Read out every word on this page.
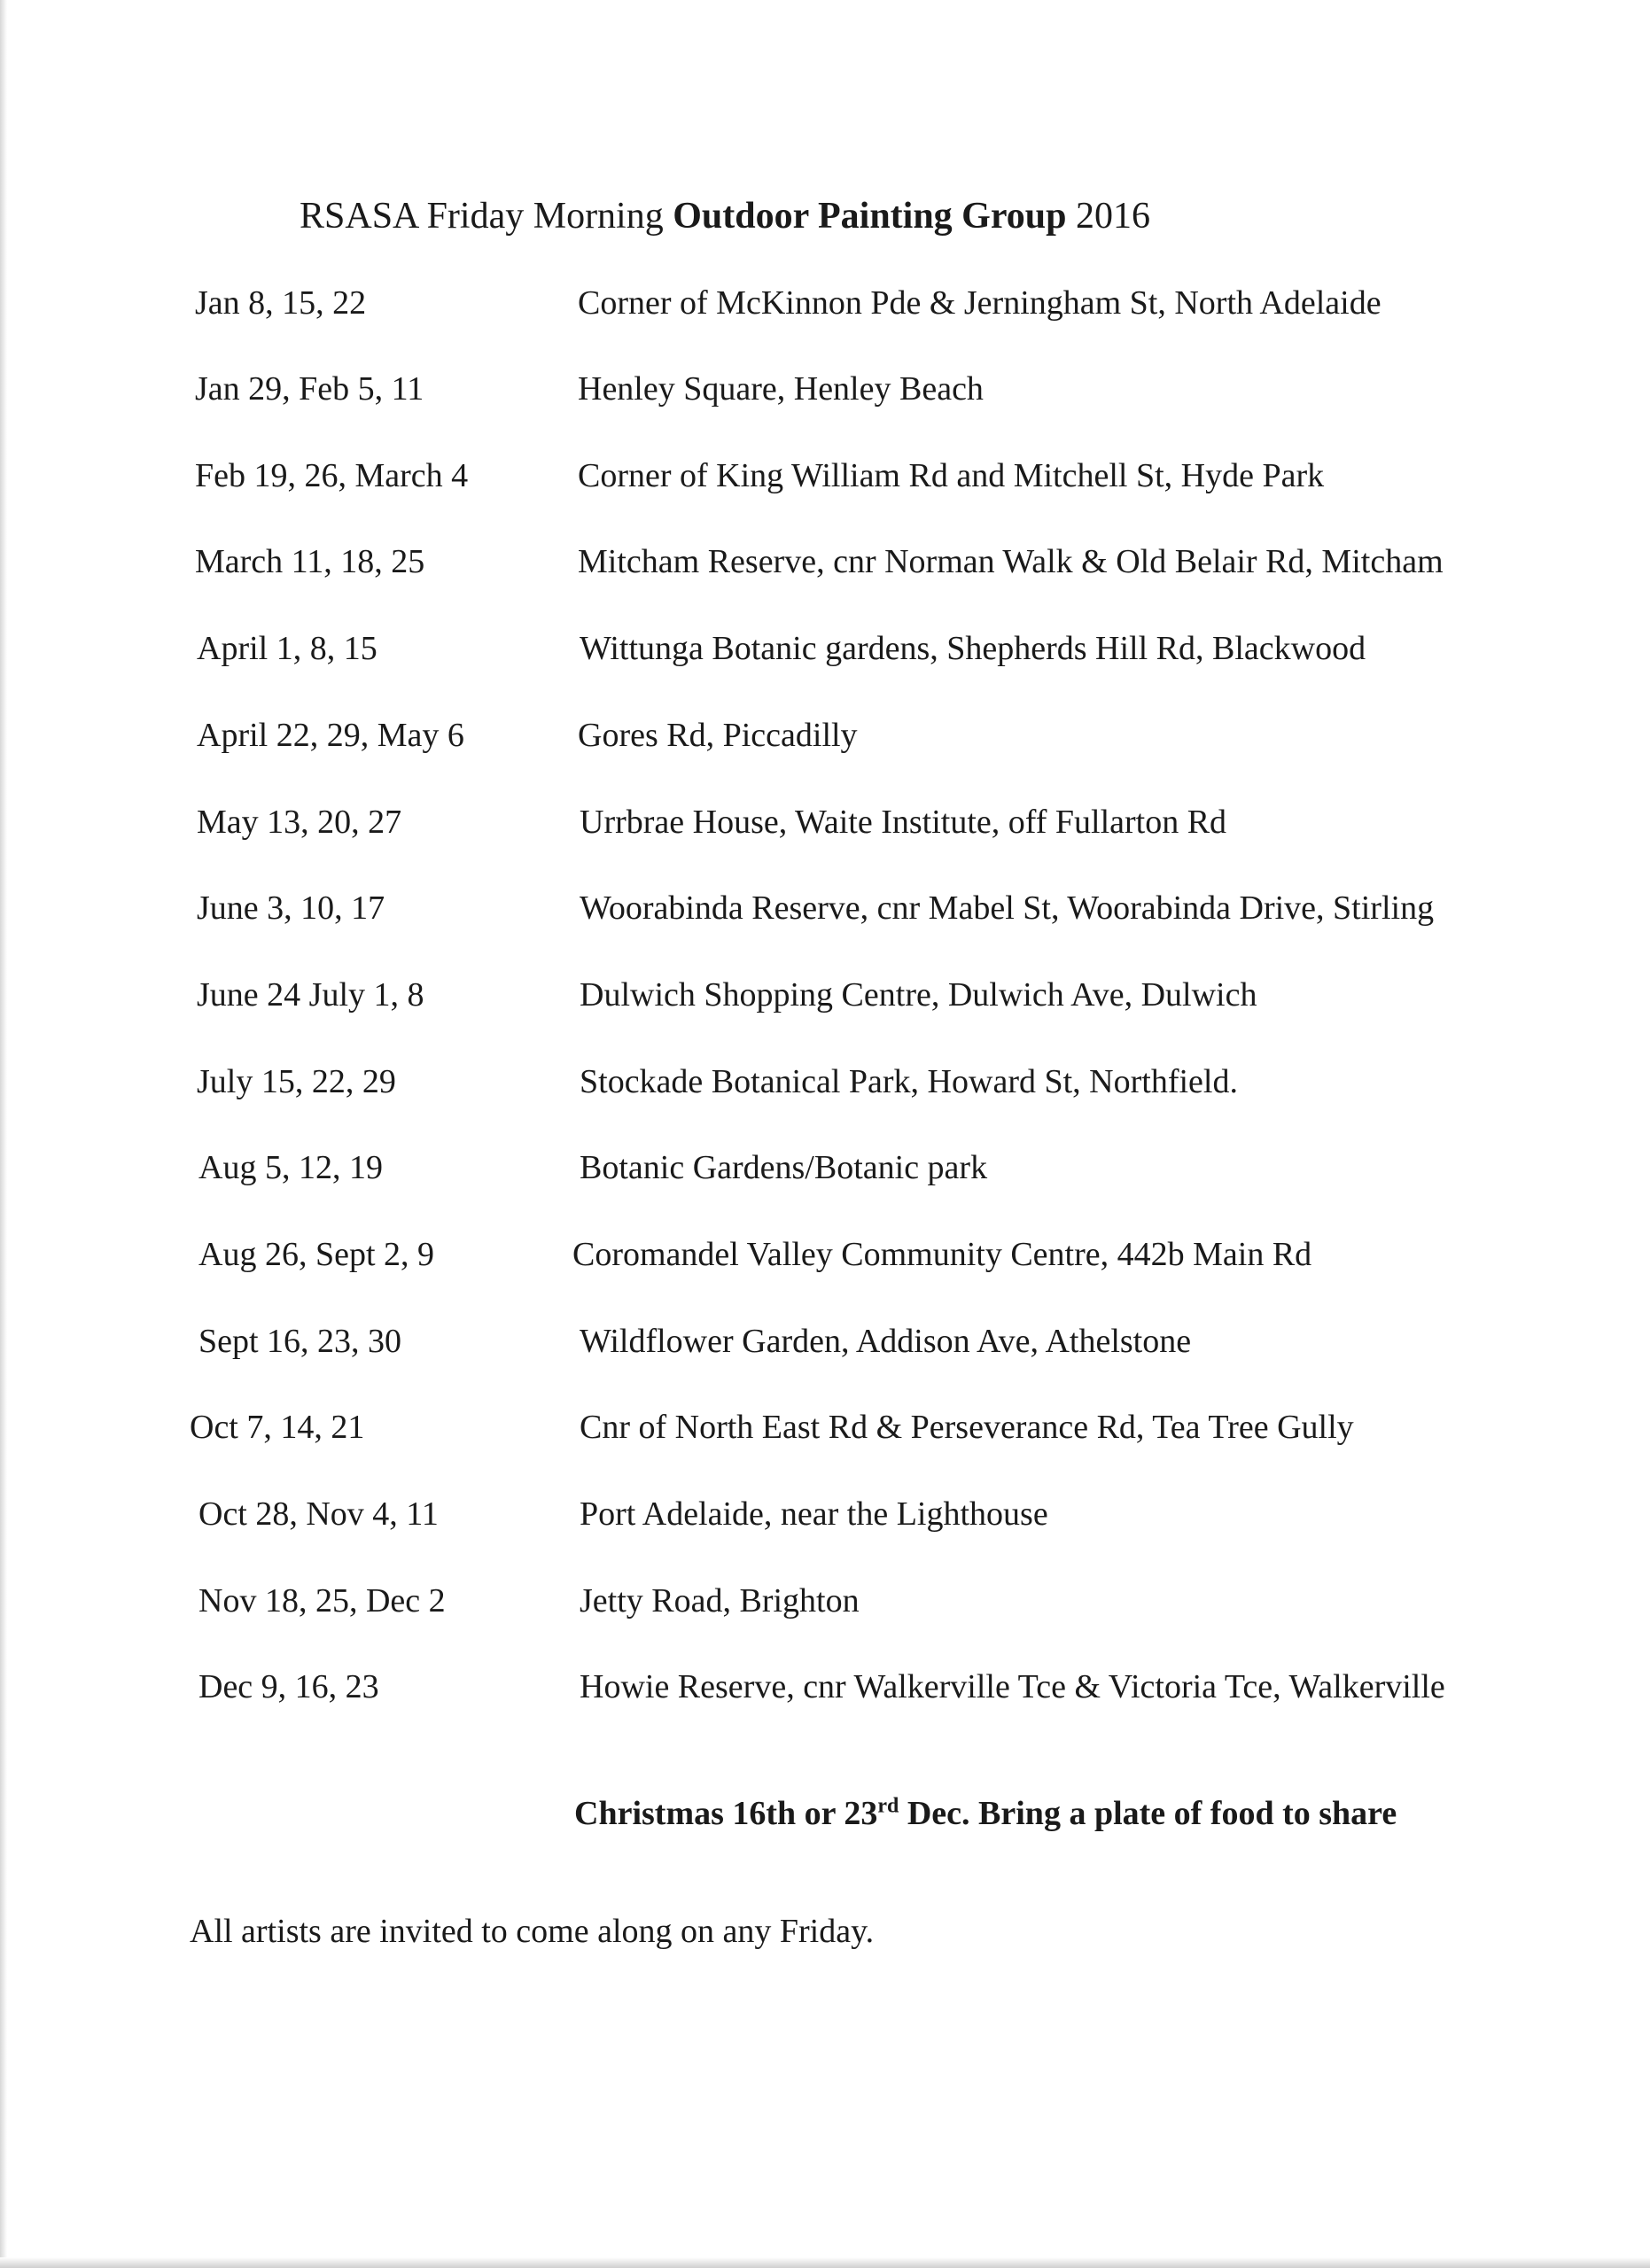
RSASA Friday Morning Outdoor Painting Group 2016
Jan 8, 15, 22	Corner of McKinnon Pde & Jerningham St, North Adelaide
Jan 29, Feb 5, 11	Henley Square, Henley Beach
Feb 19, 26, March 4	Corner of King William Rd and Mitchell St, Hyde Park
March 11, 18, 25	Mitcham Reserve, cnr Norman Walk & Old Belair Rd, Mitcham
April 1, 8, 15	Wittunga Botanic gardens, Shepherds Hill Rd, Blackwood
April 22, 29, May 6	Gores Rd, Piccadilly
May 13, 20, 27	Urrbrae House, Waite Institute, off Fullarton Rd
June 3, 10, 17	Woorabinda Reserve, cnr Mabel St, Woorabinda Drive, Stirling
June 24 July 1, 8	Dulwich Shopping Centre, Dulwich Ave, Dulwich
July 15, 22, 29	Stockade Botanical Park, Howard St, Northfield.
Aug 5, 12, 19	Botanic Gardens/Botanic park
Aug 26, Sept 2, 9	Coromandel Valley Community Centre, 442b Main Rd
Sept 16, 23, 30	Wildflower Garden, Addison Ave, Athelstone
Oct 7, 14, 21	Cnr of North East Rd & Perseverance Rd, Tea Tree Gully
Oct 28, Nov 4, 11	Port Adelaide, near the Lighthouse
Nov 18, 25, Dec 2	Jetty Road, Brighton
Dec 9, 16, 23	Howie Reserve, cnr Walkerville Tce & Victoria Tce, Walkerville
Christmas 16th or 23rd Dec. Bring a plate of food to share
All artists are invited to come along on any Friday.
